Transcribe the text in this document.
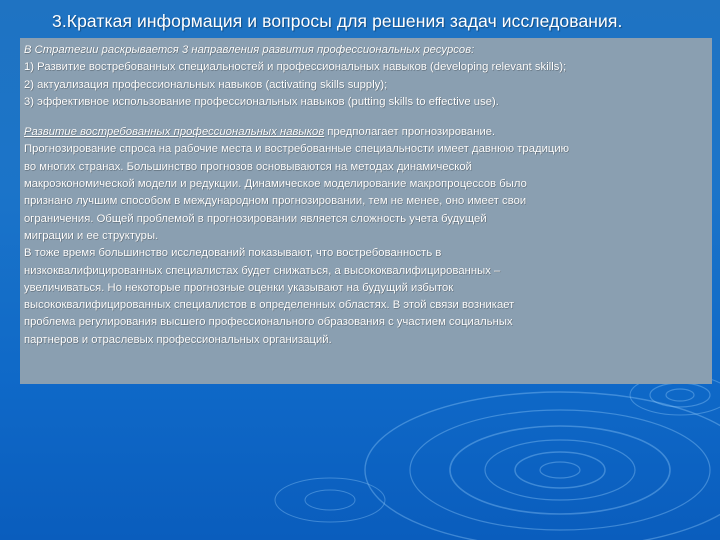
3.Краткая информация и вопросы для решения задач исследования.
В Стратегии раскрывается 3 направления развития профессиональных ресурсов:
1) Развитие востребованных специальностей и профессиональных навыков (developing relevant skills);
2) актуализация профессиональных навыков (activating skills supply);
3) эффективное использование профессиональных навыков (putting skills to effective use).
Развитие востребованных профессиональных навыков предполагает прогнозирование.
Прогнозирование спроса на рабочие места и востребованные специальности имеет давнюю традицию
во многих странах. Большинство прогнозов основываются на методах динамической
макроэкономической модели и редукции. Динамическое моделирование макропроцессов было
признано лучшим способом в международном прогнозировании, тем не менее, оно имеет свои
ограничения. Общей проблемой в прогнозировании является сложность учета будущей
миграции и ее структуры.
В тоже время большинство исследований показывают, что востребованность в
низкоквалифицированных специалистах будет снижаться, а высококвалифицированных –
увеличиваться. Но некоторые прогнозные оценки указывают на будущий избыток
высококвалифицированных специалистов в определенных областях. В этой связи возникает
проблема регулирования высшего профессионального образования с участием социальных
партнеров и отраслевых профессиональных организаций.
